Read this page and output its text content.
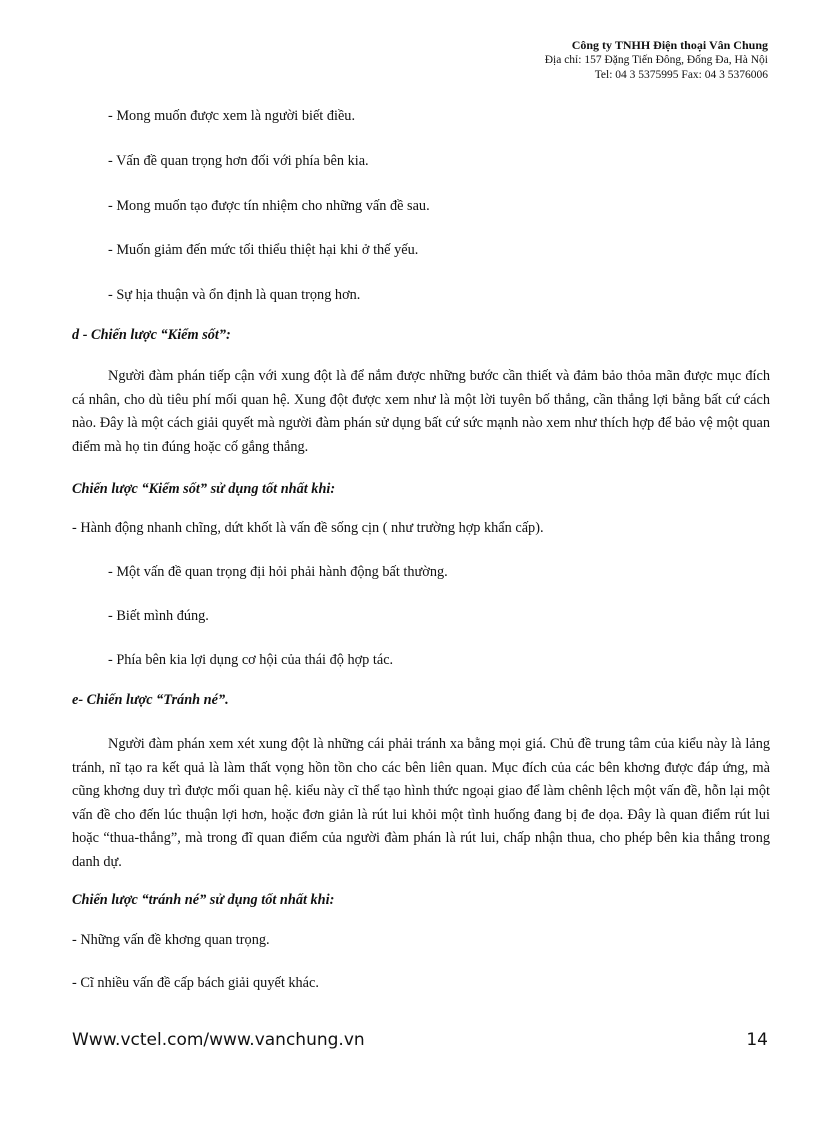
Công ty TNHH Điện thoại Vân Chung
Địa chỉ: 157 Đặng Tiến Đông, Đống Đa, Hà Nội
Tel: 04 3 5375995 Fax: 04 3 5376006
- Mong muốn được xem là người biết điều.
- Vấn đề quan trọng hơn đối với phía bên kia.
- Mong muốn tạo được tín nhiệm cho những vấn đề sau.
- Muốn giảm đến mức tối thiểu thiệt hại khi ở thế yếu.
- Sự hịa thuận và ổn định là quan trọng hơn.
d - Chiến lược “Kiểm sốt”:
Người đàm phán tiếp cận với xung đột là để nắm được những bước cần thiết và đảm bảo thỏa mãn được mục đích cá nhân, cho dù tiêu phí mối quan hệ. Xung đột được xem như là một lời tuyên bố thắng, cần thắng lợi bằng bất cứ cách nào. Đây là một cách giải quyết mà người đàm phán sử dụng bất cứ sức mạnh nào xem như thích hợp để bảo vệ một quan điểm mà họ tin đúng hoặc cố gắng thắng.
Chiến lược “Kiểm sốt” sử dụng tốt nhất khi:
- Hành động nhanh chĩng, dứt khốt là vấn đề sống cịn ( như trường hợp khẩn cấp).
- Một vấn đề quan trọng địi hỏi phải hành động bất thường.
- Biết mình đúng.
- Phía bên kia lợi dụng cơ hội của thái độ hợp tác.
e- Chiến lược “Tránh né”.
Người đàm phán xem xét xung đột là những cái phải tránh xa bằng mọi giá. Chủ đề trung tâm của kiểu này là lảng tránh, nĩ tạo ra kết quả là làm thất vọng hồn tồn cho các bên liên quan. Mục đích của các bên khơng được đáp ứng, mà cũng khơng duy trì được mối quan hệ. kiểu này cĩ thể tạo hình thức ngoại giao để làm chênh lệch một vấn đề, hỗn lại một vấn đề cho đến lúc thuận lợi hơn, hoặc đơn giản là rút lui khỏi một tình huống đang bị đe dọa. Đây là quan điểm rút lui hoặc “thua-thắng”, mà trong đĩ quan điểm của người đàm phán là rút lui, chấp nhận thua, cho phép bên kia thắng trong danh dự.
Chiến lược “tránh né” sử dụng tốt nhất khi:
- Những vấn đề khơng quan trọng.
- Cĩ nhiều vấn đề cấp bách giải quyết khác.
Www.vctel.com/www.vanchung.vn	14
